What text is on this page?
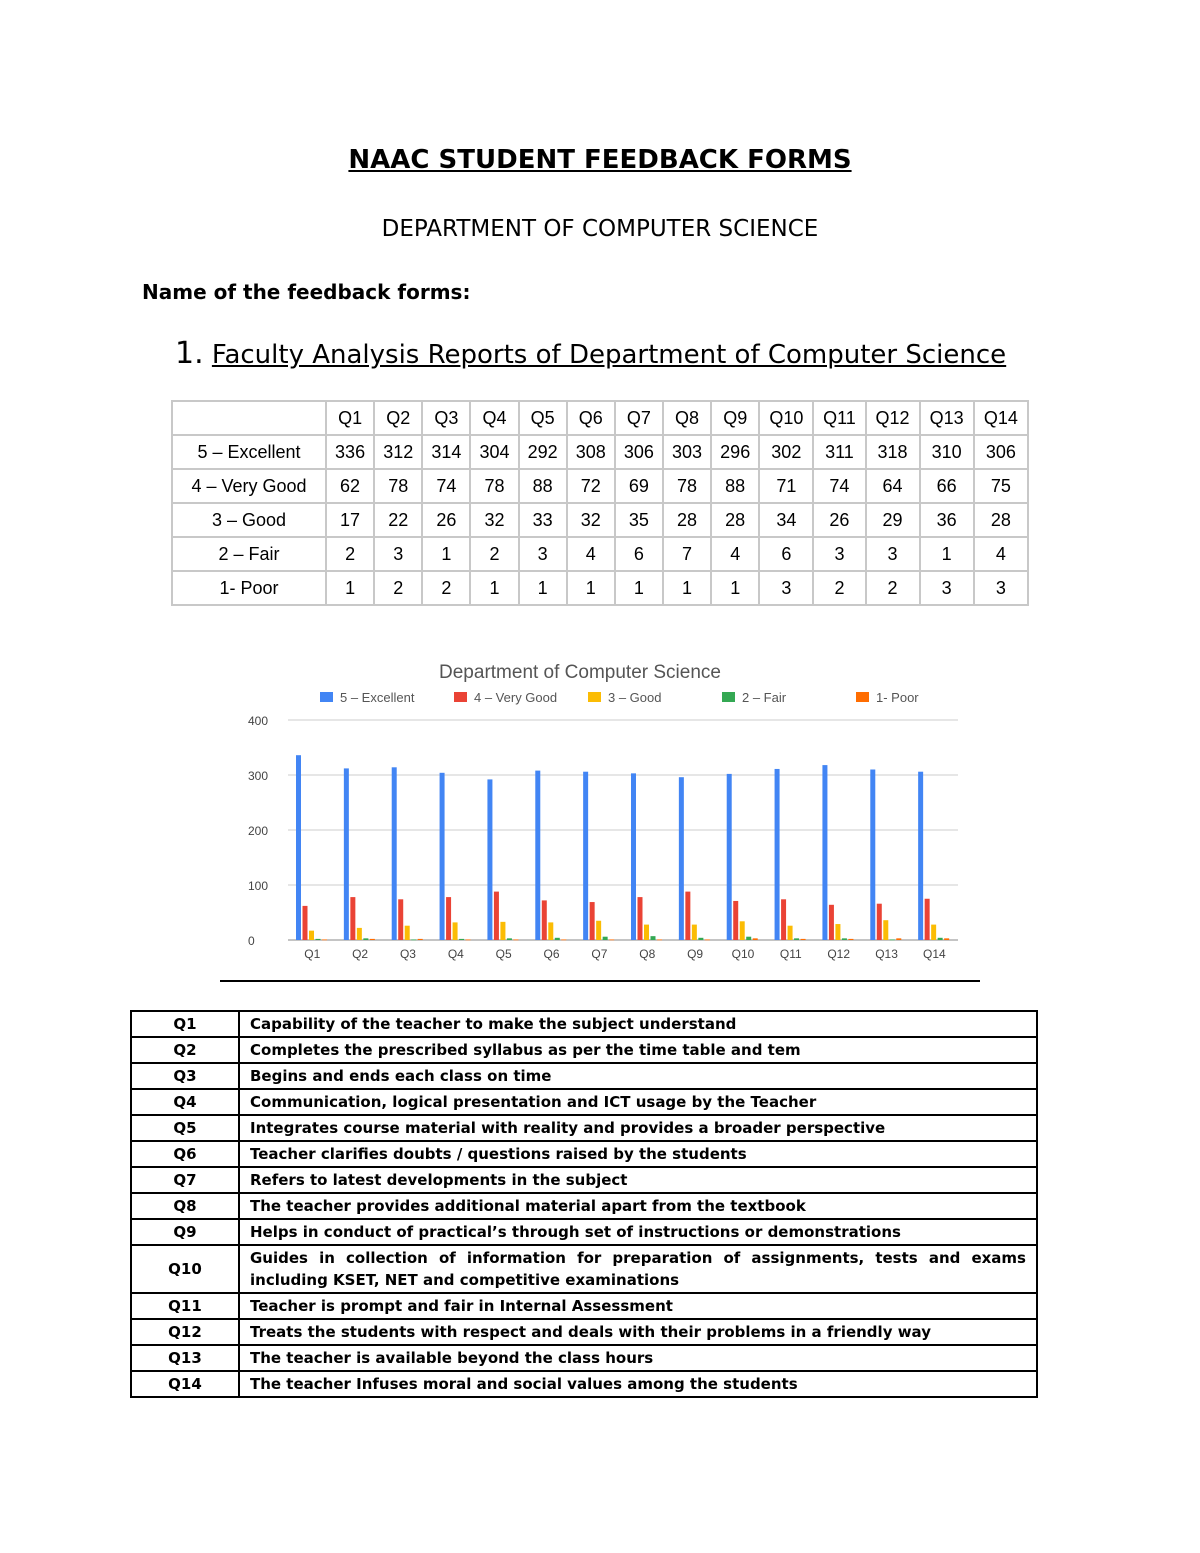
NAAC STUDENT FEEDBACK FORMS
DEPARTMENT OF COMPUTER SCIENCE
Name of the feedback forms:
1. Faculty Analysis Reports of Department of Computer Science
	Q1	Q2	Q3	Q4	Q5	Q6	Q7	Q8	Q9	Q10	Q11	Q12	Q13	Q14
5 – Excellent	336	312	314	304	292	308	306	303	296	302	311	318	310	306
4 – Very Good	62	78	74	78	88	72	69	78	88	71	74	64	66	75
3 – Good	17	22	26	32	33	32	35	28	28	34	26	29	36	28
2 – Fair	2	3	1	2	3	4	6	7	4	6	3	3	1	4
1- Poor	1	2	2	1	1	1	1	1	1	3	2	2	3	3
Department of Computer Science
5 – Excellent	4 – Very Good	3 – Good	2 – Fair	1- Poor
0
100
200
300
400
Q1	Q2	Q3	Q4	Q5	Q6	Q7	Q8	Q9 Q10 Q11 Q12 Q13 Q14
Q1	Capability of the teacher to make the subject understand
Q2	Completes the prescribed syllabus as per the time table and tem
Q3	Begins and ends each class on time
Q4	Communication, logical presentation and ICT usage by the Teacher
Q5	Integrates course material with reality and provides a broader perspective
Q6	Teacher clarifies doubts / questions raised by the students
Q7	Refers to latest developments in the subject
Q8	The teacher provides additional material apart from the textbook
Q9	Helps in conduct of practical’s through set of instructions or demonstrations
Q10	Guides in collection of information for preparation of assignments, tests and exams including KSET, NET and competitive examinations
Q11	Teacher is prompt and fair in Internal Assessment
Q12	Treats the students with respect and deals with their problems in a friendly way
Q13	The teacher is available beyond the class hours
Q14	The teacher Infuses moral and social values among the students
